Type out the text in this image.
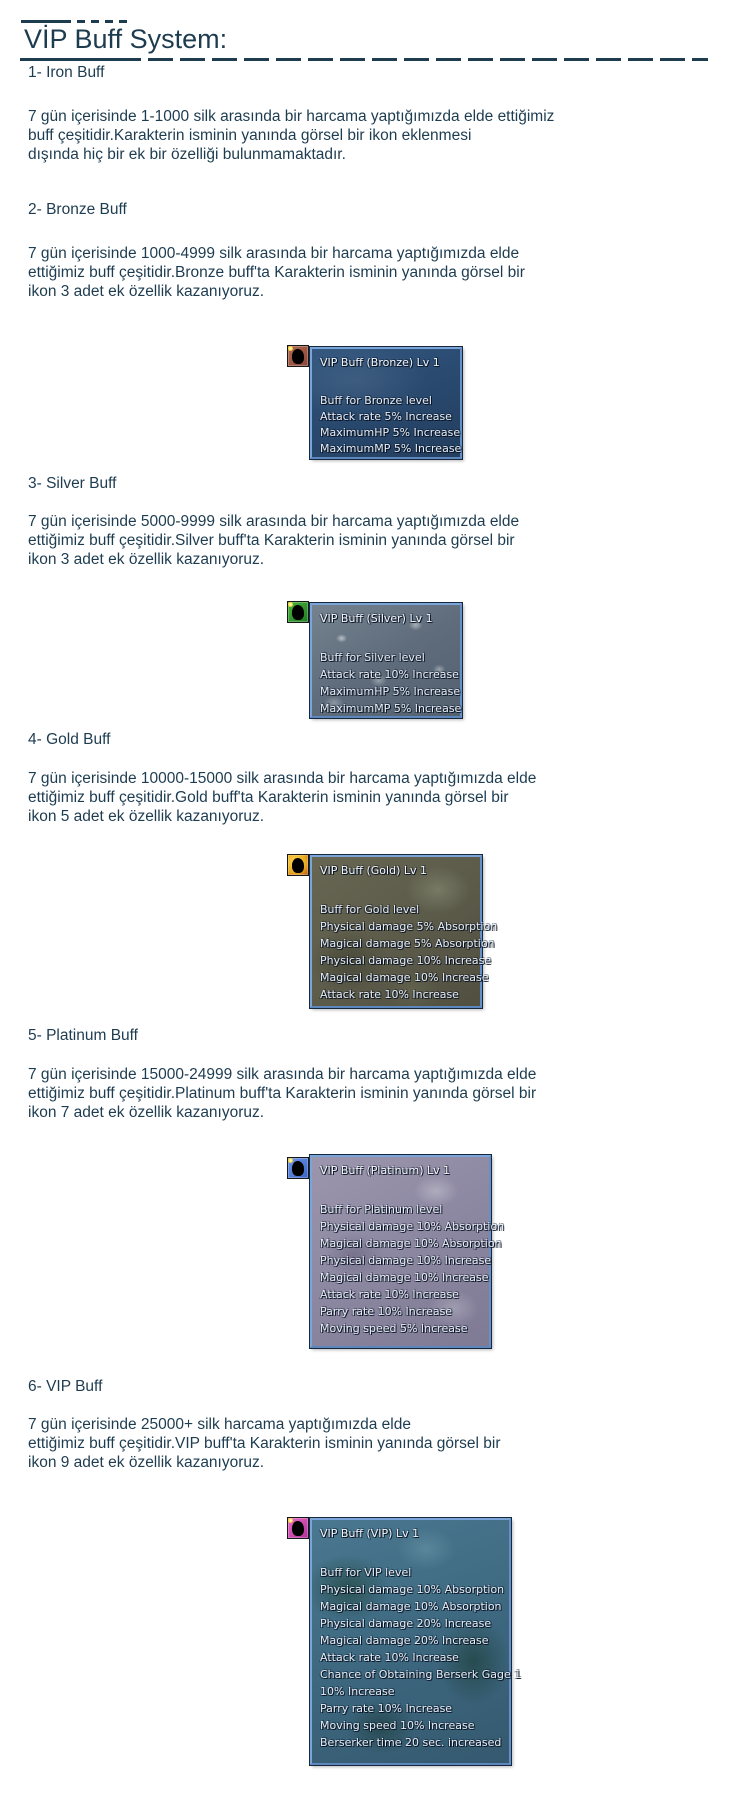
VİP Buff System:
1- Iron Buff
7 gün içerisinde 1-1000 silk arasında bir harcama yaptığımızda elde ettiğimiz
buff çeşitidir.Karakterin isminin yanında görsel bir ikon eklenmesi
dışında hiç bir ek bir özelliği bulunmamaktadır.
2- Bronze Buff
7 gün içerisinde 1000-4999 silk arasında bir harcama yaptığımızda elde
ettiğimiz buff çeşitidir.Bronze buff'ta Karakterin isminin yanında görsel bir
ikon 3 adet ek özellik kazanıyoruz.
VIP Buff (Bronze) Lv 1
Buff for Bronze level
Attack rate 5% Increase
MaximumHP 5% Increase
MaximumMP 5% Increase
3- Silver Buff
7 gün içerisinde 5000-9999 silk arasında bir harcama yaptığımızda elde
ettiğimiz buff çeşitidir.Silver buff'ta Karakterin isminin yanında görsel bir
ikon 3 adet ek özellik kazanıyoruz.
VIP Buff (Silver) Lv 1
Buff for Silver level
Attack rate 10% Increase
MaximumHP 5% Increase
MaximumMP 5% Increase
4- Gold Buff
7 gün içerisinde 10000-15000 silk arasında bir harcama yaptığımızda elde
ettiğimiz buff çeşitidir.Gold buff'ta Karakterin isminin yanında görsel bir
ikon 5 adet ek özellik kazanıyoruz.
VIP Buff (Gold) Lv 1
Buff for Gold level
Physical damage 5% Absorption
Magical damage 5% Absorption
Physical damage 10% Increase
Magical damage 10% Increase
Attack rate 10% Increase
5- Platinum Buff
7 gün içerisinde 15000-24999 silk arasında bir harcama yaptığımızda elde
ettiğimiz buff çeşitidir.Platinum buff'ta Karakterin isminin yanında görsel bir
ikon 7 adet ek özellik kazanıyoruz.
VIP Buff (Platinum) Lv 1
Buff for Platinum level
Physical damage 10% Absorption
Magical damage 10% Absorption
Physical damage 10% Increase
Magical damage 10% Increase
Attack rate 10% Increase
Parry rate 10% Increase
Moving speed 5% Increase
6- VIP Buff
7 gün içerisinde 25000+ silk harcama yaptığımızda elde
ettiğimiz buff çeşitidir.VIP buff'ta Karakterin isminin yanında görsel bir
ikon 9 adet ek özellik kazanıyoruz.
VIP Buff (VIP) Lv 1
Buff for VIP level
Physical damage 10% Absorption
Magical damage 10% Absorption
Physical damage 20% Increase
Magical damage 20% Increase
Attack rate 10% Increase
Chance of Obtaining Berserk Gage 1
10% Increase
Parry rate 10% Increase
Moving speed 10% Increase
Berserker time 20 sec. increased
